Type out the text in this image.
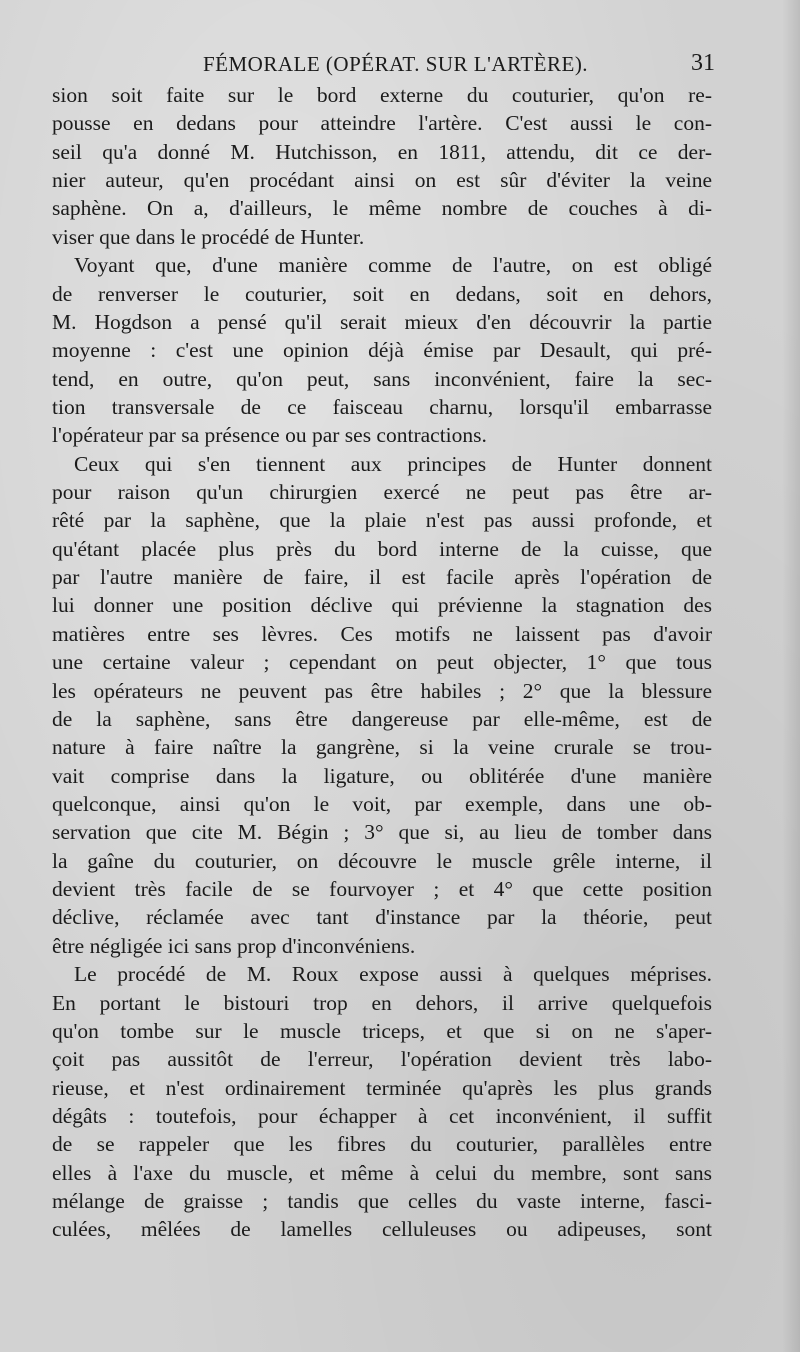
FÉMORALE (OPÉRAT. SUR L'ARTÈRE).	31
sion soit faite sur le bord externe du couturier, qu'on re-
pousse en dedans pour atteindre l'artère. C'est aussi le con-
seil qu'a donné M. Hutchisson, en 1811, attendu, dit ce der-
nier auteur, qu'en procédant ainsi on est sûr d'éviter la veine
saphène. On a, d'ailleurs, le même nombre de couches à di-
viser que dans le procédé de Hunter.
Voyant que, d'une manière comme de l'autre, on est obligé
de renverser le couturier, soit en dedans, soit en dehors,
M. Hogdson a pensé qu'il serait mieux d'en découvrir la partie
moyenne : c'est une opinion déjà émise par Desault, qui pré-
tend, en outre, qu'on peut, sans inconvénient, faire la sec-
tion transversale de ce faisceau charnu, lorsqu'il embarrasse
l'opérateur par sa présence ou par ses contractions.
Ceux qui s'en tiennent aux principes de Hunter donnent
pour raison qu'un chirurgien exercé ne peut pas être ar-
rêté par la saphène, que la plaie n'est pas aussi profonde, et
qu'étant placée plus près du bord interne de la cuisse, que
par l'autre manière de faire, il est facile après l'opération de
lui donner une position déclive qui prévienne la stagnation des
matières entre ses lèvres. Ces motifs ne laissent pas d'avoir
une certaine valeur ; cependant on peut objecter, 1° que tous
les opérateurs ne peuvent pas être habiles ; 2° que la blessure
de la saphène, sans être dangereuse par elle-même, est de
nature à faire naître la gangrène, si la veine crurale se trou-
vait comprise dans la ligature, ou oblitérée d'une manière
quelconque, ainsi qu'on le voit, par exemple, dans une ob-
servation que cite M. Bégin ; 3° que si, au lieu de tomber dans
la gaîne du couturier, on découvre le muscle grêle interne, il
devient très facile de se fourvoyer ; et 4° que cette position
déclive, réclamée avec tant d'instance par la théorie, peut
être négligée ici sans prop d'inconvéniens.
Le procédé de M. Roux expose aussi à quelques méprises.
En portant le bistouri trop en dehors, il arrive quelquefois
qu'on tombe sur le muscle triceps, et que si on ne s'aper-
çoit pas aussitôt de l'erreur, l'opération devient très labo-
rieuse, et n'est ordinairement terminée qu'après les plus grands
dégâts : toutefois, pour échapper à cet inconvénient, il suffit
de se rappeler que les fibres du couturier, parallèles entre
elles à l'axe du muscle, et même à celui du membre, sont sans
mélange de graisse ; tandis que celles du vaste interne, fasci-
culées, mêlées de lamelles celluleuses ou adipeuses, sont
